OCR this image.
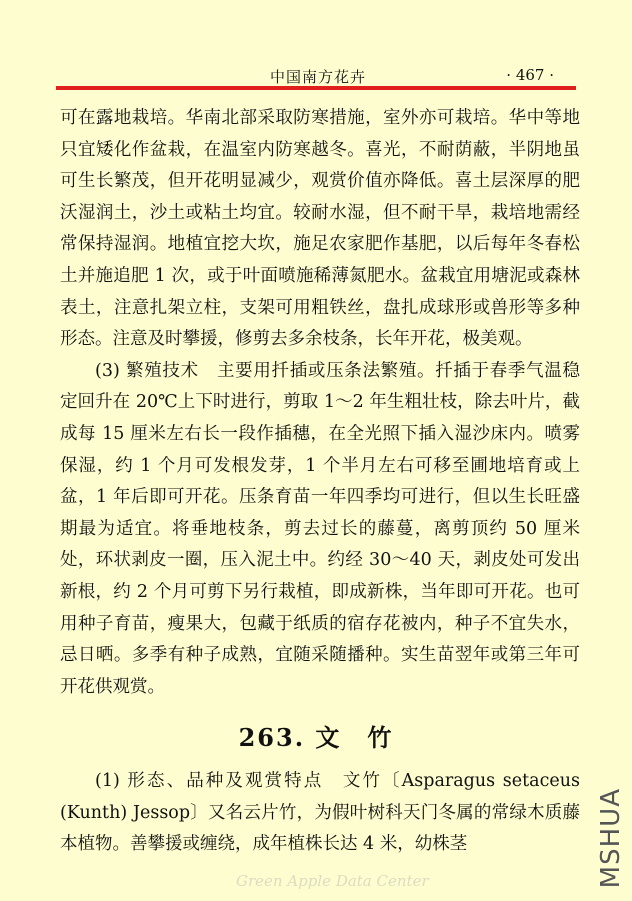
中国南方花卉	· 467 ·

可在露地栽培。华南北部采取防寒措施，室外亦可栽培。华中等地只宜矮化作盆栽，在温室内防寒越冬。喜光，不耐荫蔽，半阴地虽可生长繁茂，但开花明显减少，观赏价值亦降低。喜土层深厚的肥沃湿润土，沙土或粘土均宜。较耐水湿，但不耐干旱，栽培地需经常保持湿润。地植宜挖大坎，施足农家肥作基肥，以后每年冬春松土并施追肥 1 次，或于叶面喷施稀薄氮肥水。盆栽宜用塘泥或森林表土，注意扎架立柱，支架可用粗铁丝，盘扎成球形或兽形等多种形态。注意及时攀援，修剪去多余枝条，长年开花，极美观。

(3) 繁殖技术　主要用扦插或压条法繁殖。扦插于春季气温稳定回升在 20℃上下时进行，剪取 1～2 年生粗壮枝，除去叶片，截成每 15 厘米左右长一段作插穗，在全光照下插入湿沙床内。喷雾保湿，约 1 个月可发根发芽，1 个半月左右可移至圃地培育或上盆，1 年后即可开花。压条育苗一年四季均可进行，但以生长旺盛期最为适宜。将垂地枝条，剪去过长的藤蔓，离剪顶约 50 厘米处，环状剥皮一圈，压入泥土中。约经 30～40 天，剥皮处可发出新根，约 2 个月可剪下另行栽植，即成新株，当年即可开花。也可用种子育苗，瘦果大，包藏于纸质的宿存花被内，种子不宜失水，忌日晒。多季有种子成熟，宜随采随播种。实生苗翌年或第三年可开花供观赏。

263. 文　竹

(1) 形态、品种及观赏特点　文竹〔Asparagus setaceus (Kunth) Jessop〕又名云片竹，为假叶树科天门冬属的常绿木质藤本植物。善攀援或缠绕，成年植株长达 4 米，幼株茎

Green Apple Data Center	MSHUA
